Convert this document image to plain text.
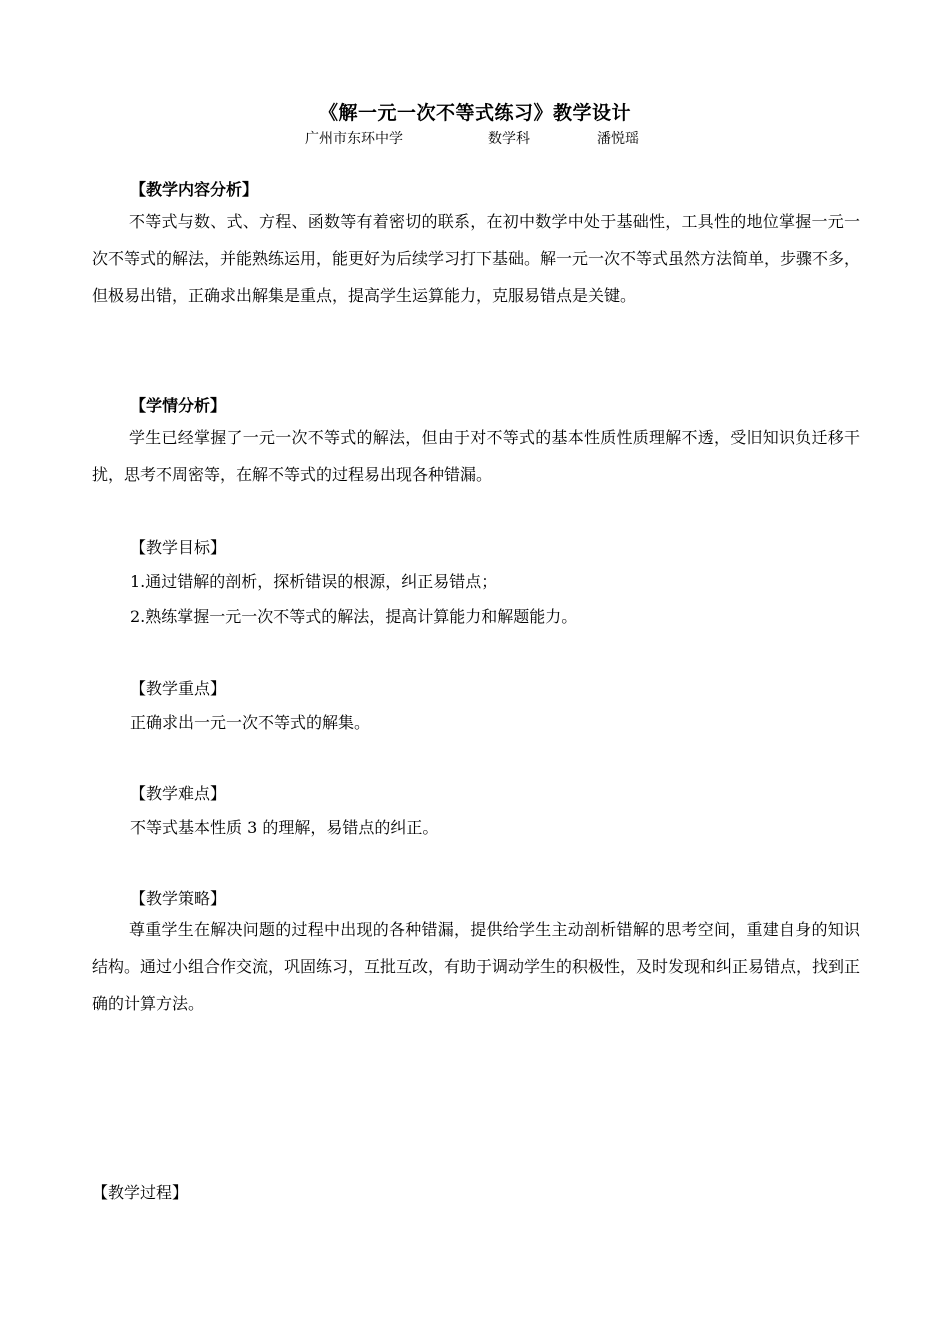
《解一元一次不等式练习》教学设计
广州市东环中学	数学科	潘悦瑶
【教学内容分析】

不等式与数、式、方程、函数等有着密切的联系，在初中数学中处于基础性，工具性的地位掌握一元一次不等式的解法，并能熟练运用，能更好为后续学习打下基础。解一元一次不等式虽然方法简单，步骤不多，但极易出错，正确求出解集是重点，提高学生运算能力，克服易错点是关键。

【学情分析】

学生已经掌握了一元一次不等式的解法，但由于对不等式的基本性质性质理解不透，受旧知识负迁移干扰，思考不周密等，在解不等式的过程易出现各种错漏。

【教学目标】
1.通过错解的剖析，探析错误的根源，纠正易错点；
2.熟练掌握一元一次不等式的解法，提高计算能力和解题能力。
【教学重点】
正确求出一元一次不等式的解集。
【教学难点】
不等式基本性质 3 的理解，易错点的纠正。
【教学策略】

尊重学生在解决问题的过程中出现的各种错漏，提供给学生主动剖析错解的思考空间，重建自身的知识结构。通过小组合作交流，巩固练习，互批互改，有助于调动学生的积极性，及时发现和纠正易错点，找到正确的计算方法。

【教学过程】
